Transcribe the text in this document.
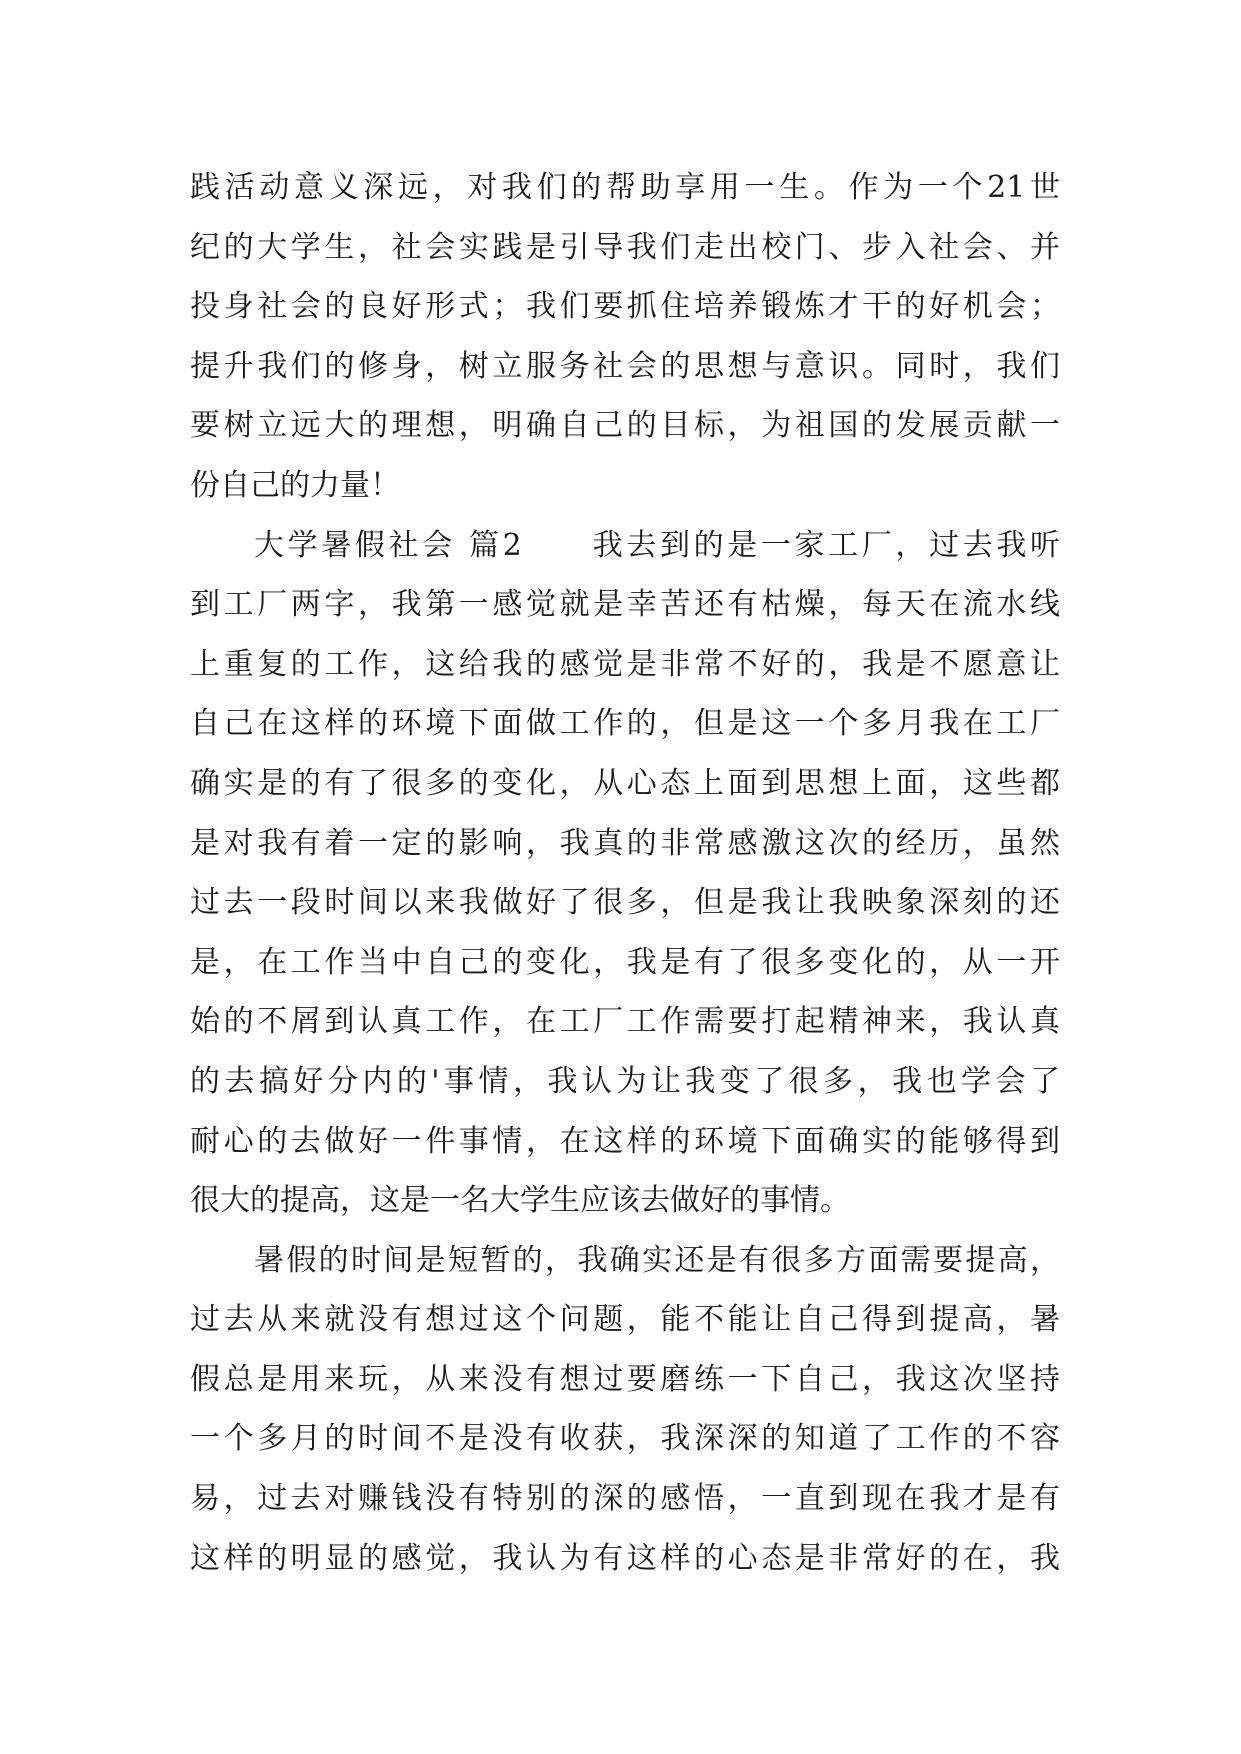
践活动意义深远，对我们的帮助享用一生。作为一个21世
纪的大学生，社会实践是引导我们走出校门、步入社会、并
投身社会的良好形式；我们要抓住培养锻炼才干的好机会；
提升我们的修身，树立服务社会的思想与意识。同时，我们
要树立远大的理想，明确自己的目标，为祖国的发展贡献一
份自己的力量！
大学暑假社会 篇2　　我去到的是一家工厂，过去我听
到工厂两字，我第一感觉就是幸苦还有枯燥，每天在流水线
上重复的工作，这给我的感觉是非常不好的，我是不愿意让
自己在这样的环境下面做工作的，但是这一个多月我在工厂
确实是的有了很多的变化，从心态上面到思想上面，这些都
是对我有着一定的影响，我真的非常感激这次的经历，虽然
过去一段时间以来我做好了很多，但是我让我映象深刻的还
是，在工作当中自己的变化，我是有了很多变化的，从一开
始的不屑到认真工作，在工厂工作需要打起精神来，我认真
的去搞好分内的'事情，我认为让我变了很多，我也学会了
耐心的去做好一件事情，在这样的环境下面确实的能够得到
很大的提高，这是一名大学生应该去做好的事情。
暑假的时间是短暂的，我确实还是有很多方面需要提高，
过去从来就没有想过这个问题，能不能让自己得到提高，暑
假总是用来玩，从来没有想过要磨练一下自己，我这次坚持
一个多月的时间不是没有收获，我深深的知道了工作的不容
易，过去对赚钱没有特别的深的感悟，一直到现在我才是有
这样的明显的感觉，我认为有这样的心态是非常好的在，我
